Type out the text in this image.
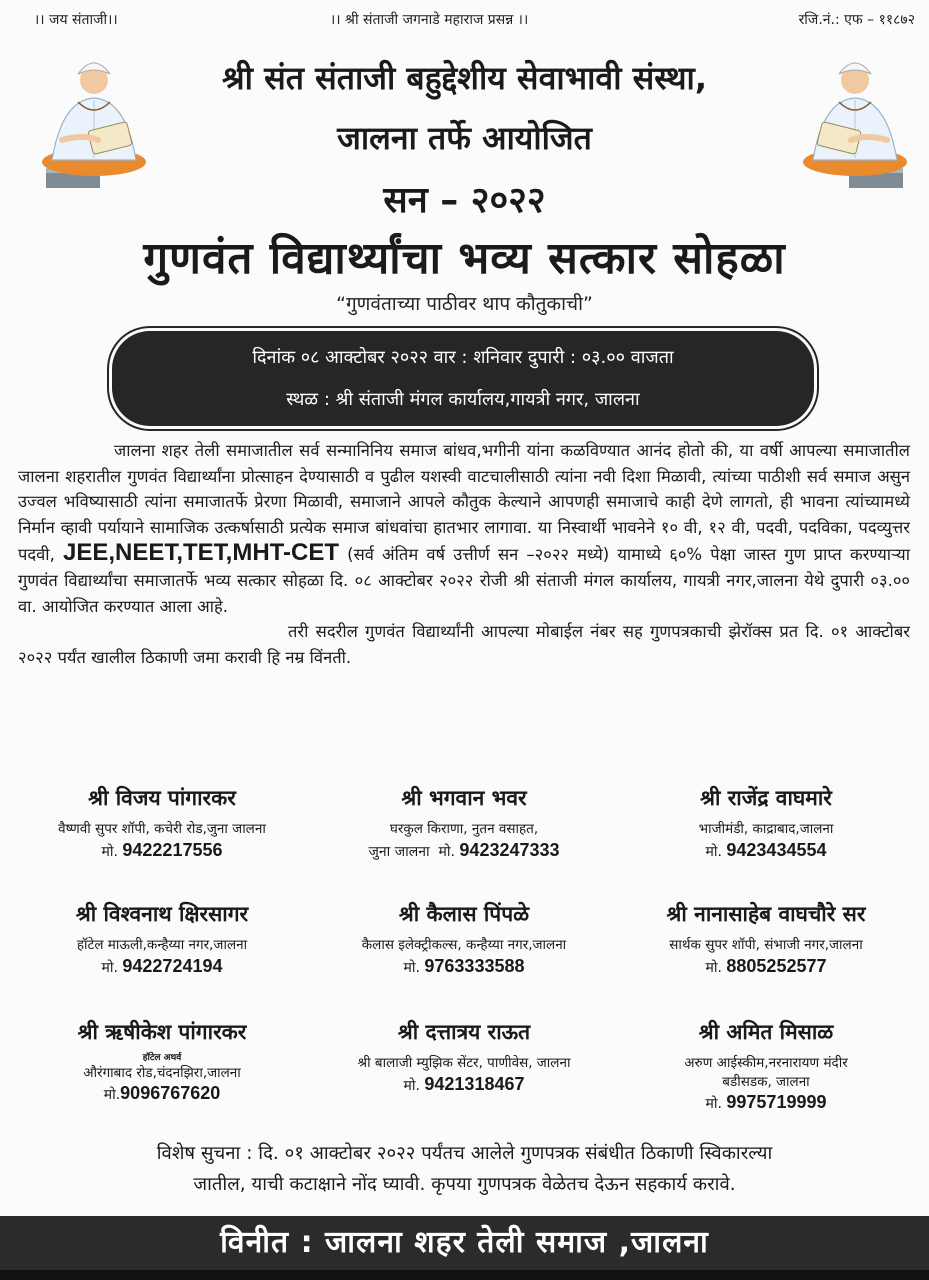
।। जय संताजी।।	।। श्री संताजी जगनाडे महाराज प्रसन्न ।।	रजि.नं.: एफ – ११८७२
श्री संत संताजी बहुद्देशीय सेवाभावी संस्था,
जालना तर्फे आयोजित
सन – २०२२
गुणवंत विद्यार्थ्यांचा भव्य सत्कार सोहळा
“गुणवंताच्या पाठीवर थाप कौतुकाची”
दिनांक ०८ आक्टोबर २०२२ वार : शनिवार दुपारी : ०३.०० वाजता
स्थळ : श्री संताजी मंगल कार्यालय,गायत्री नगर, जालना

जालना शहर तेली समाजातील सर्व सन्मानिनिय समाज बांधव,भगीनी यांना कळविण्यात आनंद होतो की, या वर्षी आपल्या समाजातील जालना शहरातील गुणवंत विद्यार्थ्यांना प्रोत्साहन देण्यासाठी व पुढील यशस्वी वाटचालीसाठी त्यांना नवी दिशा मिळावी, त्यांच्या पाठीशी सर्व समाज असुन उज्वल भविष्यासाठी त्यांना समाजातर्फे प्रेरणा मिळावी, समाजाने आपले कौतुक केल्याने आपणही समाजाचे काही देणे लागतो, ही भावना त्यांच्यामध्ये निर्मान व्हावी पर्यायाने सामाजिक उत्कर्षासाठी प्रत्येक समाज बांधवांचा हातभार लागावा. या निस्वार्थी भावनेने १० वी, १२ वी, पदवी, पदविका, पदव्युत्तर पदवी, JEE,NEET,TET,MHT-CET (सर्व अंतिम वर्ष उत्तीर्ण सन –२०२२ मध्ये) यामाध्ये ६०% पेक्षा जास्त गुण प्राप्त करण्याऱ्या गुणवंत विद्यार्थ्यांचा समाजातर्फे भव्य सत्कार सोहळा दि. ०८ आक्टोबर २०२२ रोजी श्री संताजी मंगल कार्यालय, गायत्री नगर,जालना येथे दुपारी ०३.०० वा. आयोजित करण्यात आला आहे.

तरी सदरील गुणवंत विद्यार्थ्यांनी आपल्या मोबाईल नंबर सह गुणपत्रकाची झेरॉक्स प्रत दि. ०१ आक्टोबर २०२२ पर्यंत खालील ठिकाणी जमा करावी हि नम्र विंनती.

श्री विजय पांगारकर
वैष्णवी सुपर शॉपी, कचेरी रोड,जुना जालना
मो. 9422217556
श्री भगवान भवर
घरकुल किराणा, नुतन वसाहत,
जुना जालना मो. 9423247333
श्री राजेंद्र वाघमारे
भाजीमंडी, काद्राबाद,जालना
मो. 9423434554
श्री विश्वनाथ क्षिरसागर
हॉटेल माऊली,कन्हैय्या नगर,जालना
मो. 9422724194
श्री कैलास पिंपळे
कैलास इलेक्ट्रीकल्स, कन्हैय्या नगर,जालना
मो. 9763333588
श्री नानासाहेब वाघचौरे सर
सार्थक सुपर शॉपी, संभाजी नगर,जालना
मो. 8805252577
श्री ऋषीकेश पांगारकर
हॉटेल अथर्व
औरंगाबाद रोड,चंदनझिरा,जालना
मो.9096767620
श्री दत्तात्रय राऊत
श्री बालाजी म्युझिक सेंटर, पाणीवेस, जालना
मो. 9421318467
श्री अमित मिसाळ
अरुण आईस्कीम,नरनारायण मंदीर
बडीसडक, जालना
मो. 9975719999
विशेष सुचना : दि. ०१ आक्टोबर २०२२ पर्यंतच आलेले गुणपत्रक संबंधीत ठिकाणी स्विकारल्या
जातील, याची कटाक्षाने नोंद घ्यावी. कृपया गुणपत्रक वेळेतच देऊन सहकार्य करावे.
विनीत : जालना शहर तेली समाज ,जालना
